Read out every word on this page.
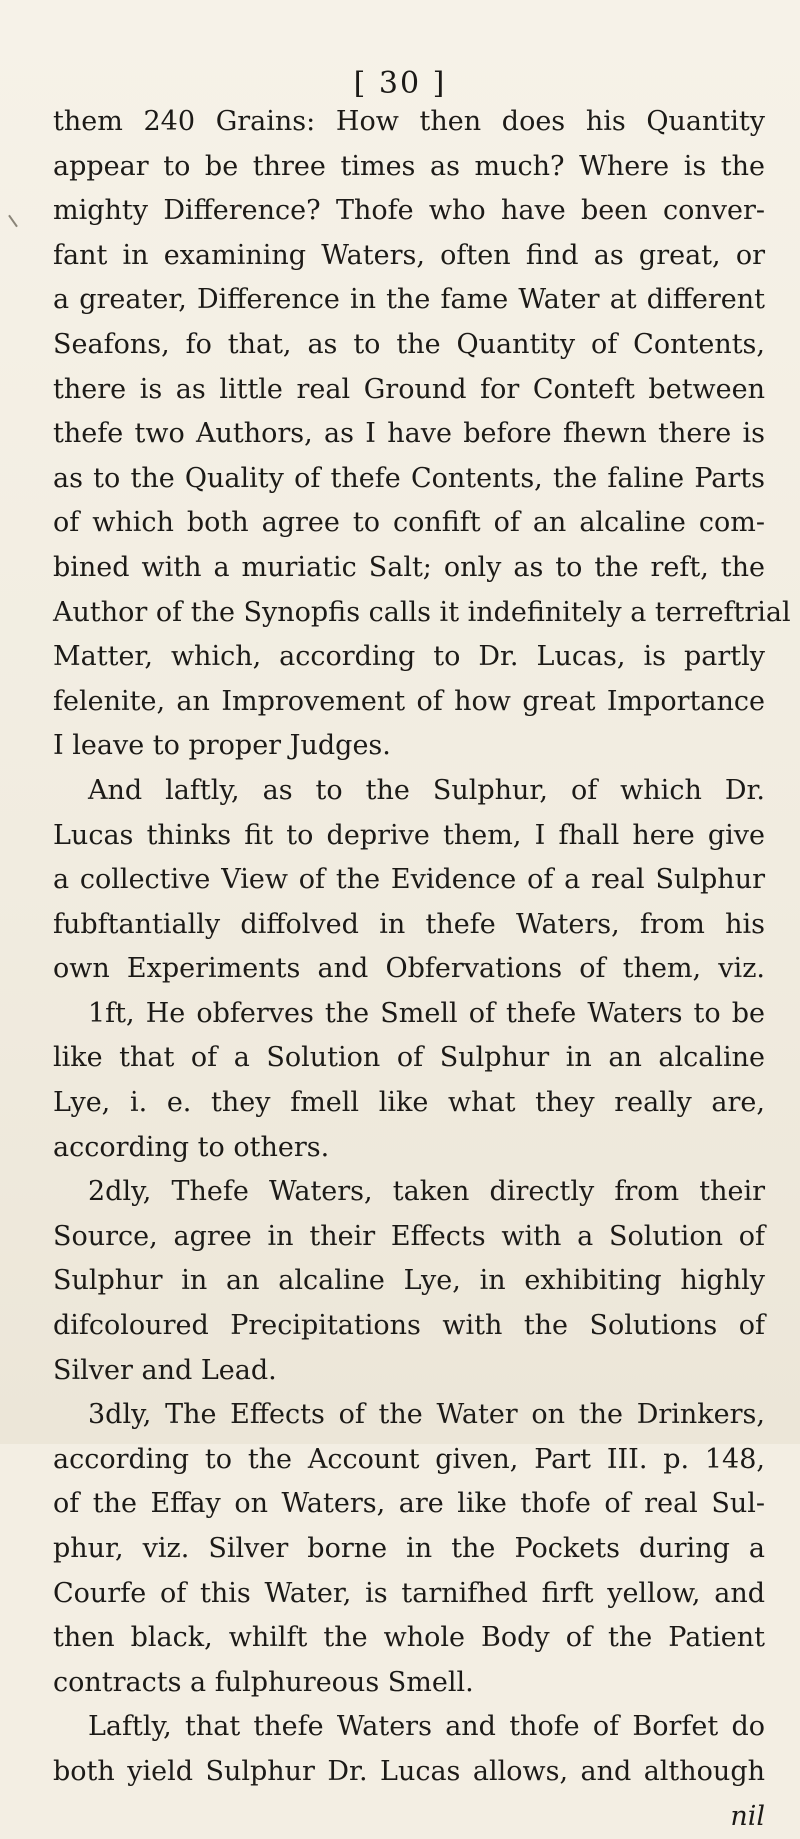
[ 30 ]
them 240 Grains: How then does his Quantity
appear to be three times as much? Where is the
mighty Difference? Thofe who have been conver-
fant in examining Waters, often find as great, or
a greater, Difference in the fame Water at different
Seafons, fo that, as to the Quantity of Contents,
there is as little real Ground for Conteft between
thefe two Authors, as I have before fhewn there is
as to the Quality of thefe Contents, the faline Parts
of which both agree to confift of an alcaline com-
bined with a muriatic Salt; only as to the reft, the
Author of the Synopfis calls it indefinitely a terreftrial
Matter, which, according to Dr. Lucas, is partly
felenite, an Improvement of how great Importance
I leave to proper Judges.
And laftly, as to the Sulphur, of which Dr.
Lucas thinks fit to deprive them, I fhall here give
a collective View of the Evidence of a real Sulphur
fubftantially diffolved in thefe Waters, from his
own Experiments and Obfervations of them, viz.
1ft, He obferves the Smell of thefe Waters to be
like that of a Solution of Sulphur in an alcaline
Lye, i. e. they fmell like what they really are,
according to others.
2dly, Thefe Waters, taken directly from their
Source, agree in their Effects with a Solution of
Sulphur in an alcaline Lye, in exhibiting highly
difcoloured Precipitations with the Solutions of
Silver and Lead.
3dly, The Effects of the Water on the Drinkers,
according to the Account given, Part III. p. 148,
of the Effay on Waters, are like thofe of real Sul-
phur, viz. Silver borne in the Pockets during a
Courfe of this Water, is tarnifhed firft yellow, and
then black, whilft the whole Body of the Patient
contracts a fulphureous Smell.
Laftly, that thefe Waters and thofe of Borfet do
both yield Sulphur Dr. Lucas allows, and although
nil
